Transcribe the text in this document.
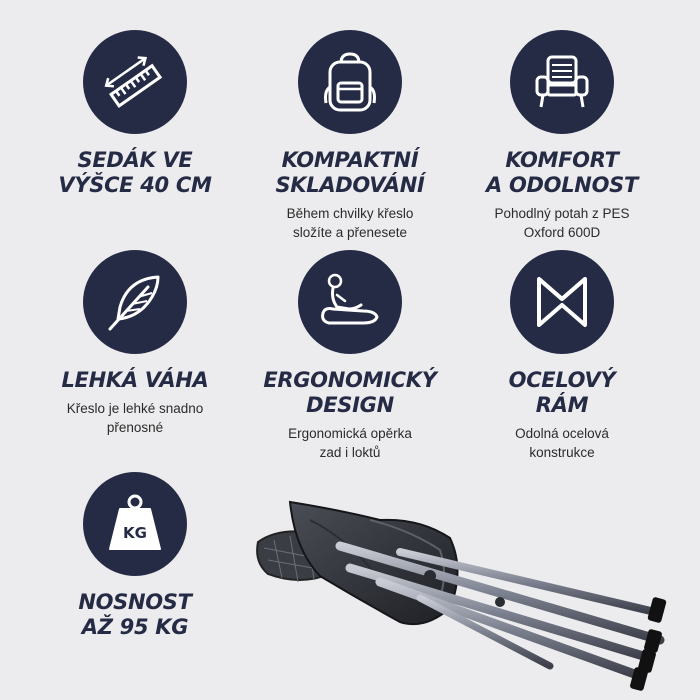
SEDÁK VE
VÝŠCE 40 CM
KOMPAKTNÍ
SKLADOVÁNÍ
Během chvilky křeslo
složíte a přenesete
KOMFORT
A ODOLNOST
Pohodlný potah z PES
Oxford 600D
LEHKÁ VÁHA
Křeslo je lehké snadno
přenosné
ERGONOMICKÝ
DESIGN
Ergonomická opěrka
zad i loktů
OCELOVÝ
RÁM
Odolná ocelová
konstrukce
KG
NOSNOST
AŽ 95 KG
